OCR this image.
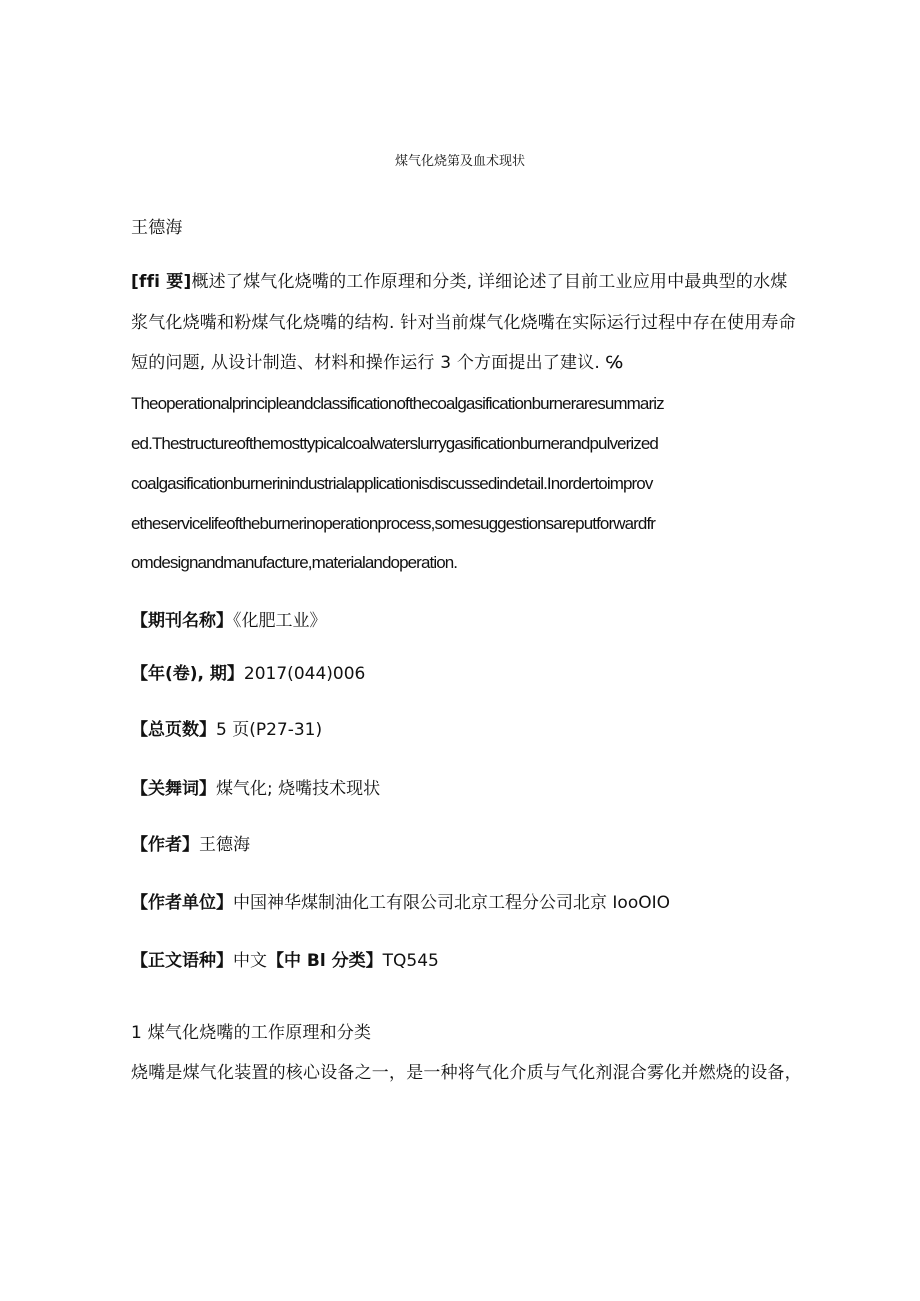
煤气化烧第及血术现状
王德海
[ffi 要]概述了煤气化烧嘴的工作原理和分类, 详细论述了目前工业应用中最典型的水煤
浆气化烧嘴和粉煤气化烧嘴的结构. 针对当前煤气化烧嘴在实际运行过程中存在使用寿命
短的问题, 从设计制造、材料和操作运行 3 个方面提出了建议. ℅
Theoperationalprincipleandclassificationofthecoalgasificationburneraresummariz
ed.Thestructureofthemosttypicalcoalwaterslurrygasificationburnerandpulverized
coalgasificationburnerinindustrialapplicationisdiscussedindetail.Inordertoimprov
etheservicelifeoftheburnerinoperationprocess,somesuggestionsareputforwardfr
omdesignandmanufacture,materialandoperation.
【期刊名称】《化肥工业》
【年(卷), 期】2017(044)006
【总页数】5 页(P27-31)
【关舞词】煤气化; 烧嘴技术现状
【作者】王德海
【作者单位】中国神华煤制油化工有限公司北京工程分公司北京 IooOIO
【正文语种】中文【中 Bl 分类】TQ545
1 煤气化烧嘴的工作原理和分类
烧嘴是煤气化装置的核心设备之一，是一种将气化介质与气化剂混合雾化并燃烧的设备，
